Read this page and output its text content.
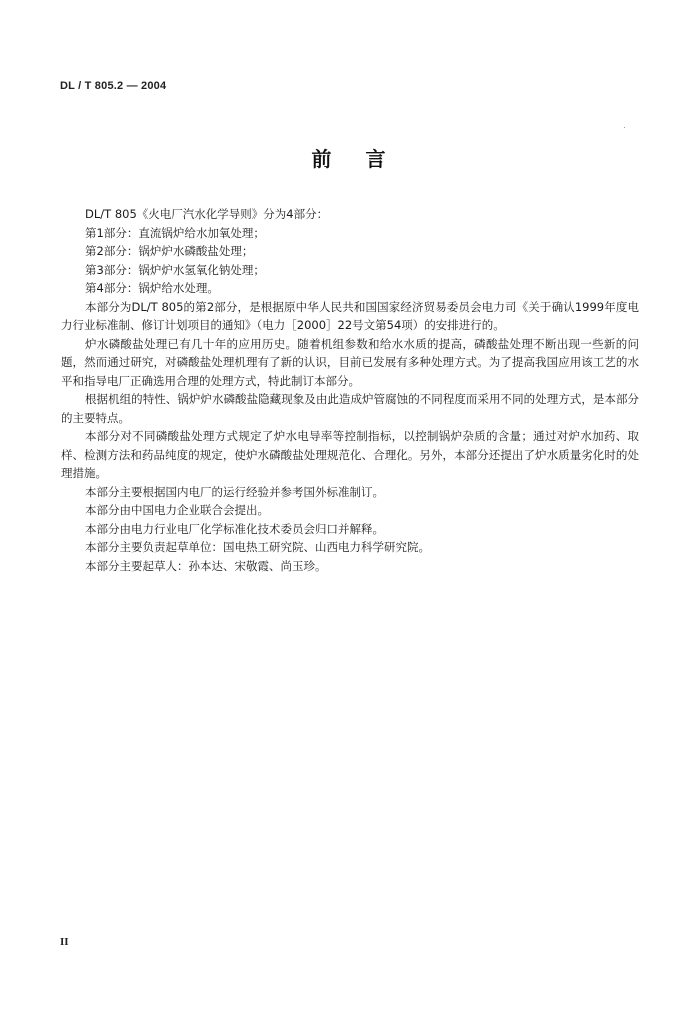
DL / T 805.2 — 2004
前言

DL/T 805《火电厂汽水化学导则》分为4部分：

第1部分：直流锅炉给水加氧处理；

第2部分：锅炉炉水磷酸盐处理；

第3部分：锅炉炉水氢氧化钠处理；

第4部分：锅炉给水处理。

本部分为DL/T 805的第2部分，是根据原中华人民共和国国家经济贸易委员会电力司《关于确认1999年度电力行业标准制、修订计划项目的通知》（电力［2000］22号文第54项）的安排进行的。

炉水磷酸盐处理已有几十年的应用历史。随着机组参数和给水水质的提高，磷酸盐处理不断出现一些新的问题，然而通过研究，对磷酸盐处理机理有了新的认识，目前已发展有多种处理方式。为了提高我国应用该工艺的水平和指导电厂正确选用合理的处理方式，特此制订本部分。

根据机组的特性、锅炉炉水磷酸盐隐藏现象及由此造成炉管腐蚀的不同程度而采用不同的处理方式，是本部分的主要特点。

本部分对不同磷酸盐处理方式规定了炉水电导率等控制指标，以控制锅炉杂质的含量；通过对炉水加药、取样、检测方法和药品纯度的规定，使炉水磷酸盐处理规范化、合理化。另外，本部分还提出了炉水质量劣化时的处理措施。

本部分主要根据国内电厂的运行经验并参考国外标准制订。

本部分由中国电力企业联合会提出。

本部分由电力行业电厂化学标准化技术委员会归口并解释。

本部分主要负责起草单位：国电热工研究院、山西电力科学研究院。

本部分主要起草人：孙本达、宋敬霞、尚玉珍。

II
